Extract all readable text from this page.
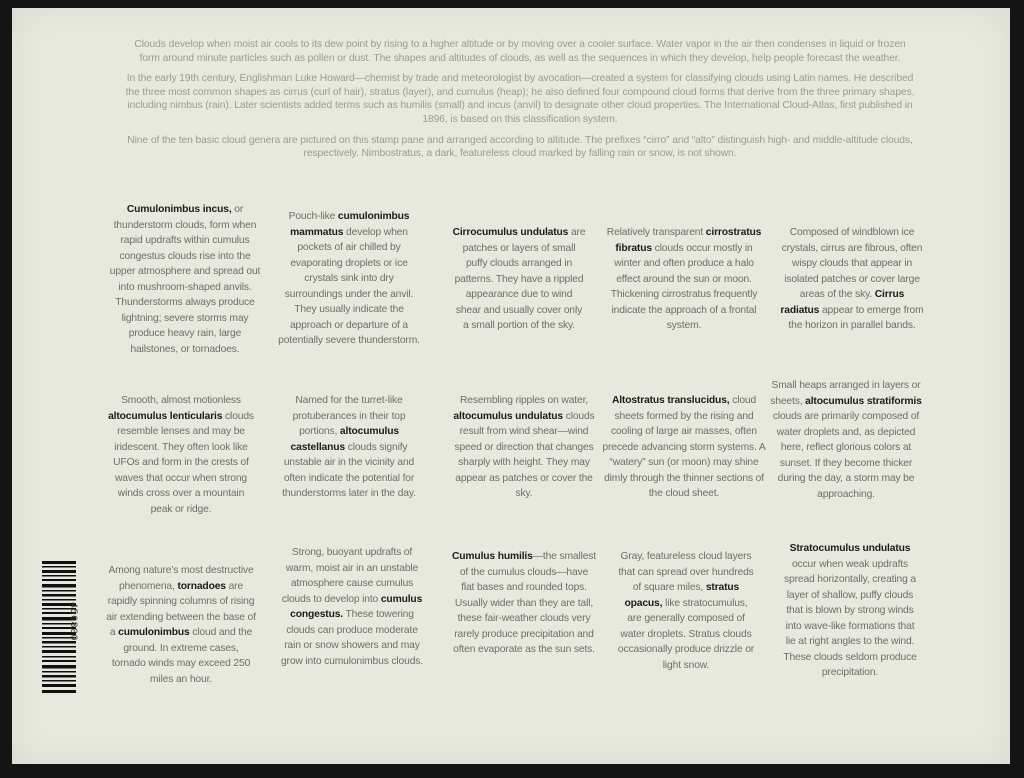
Clouds develop when moist air cools to its dew point by rising to a higher altitude or by moving over a cooler surface. Water vapor in the air then condenses in liquid or frozen form around minute particles such as pollen or dust. The shapes and altitudes of clouds, as well as the sequences in which they develop, help people forecast the weather.

In the early 19th century, Englishman Luke Howard—chemist by trade and meteorologist by avocation—created a system for classifying clouds using Latin names. He described the three most common shapes as cirrus (curl of hair), stratus (layer), and cumulus (heap); he also defined four compound cloud forms that derive from the three primary shapes, including nimbus (rain). Later scientists added terms such as humilis (small) and incus (anvil) to designate other cloud properties. The International Cloud-Atlas, first published in 1896, is based on this classification system.

Nine of the ten basic cloud genera are pictured on this stamp pane and arranged according to altitude. The prefixes “cirro” and “alto” distinguish high- and middle-altitude clouds, respectively. Nimbostratus, a dark, featureless cloud marked by falling rain or snow, is not shown.

Cumulonimbus incus, or thunderstorm clouds, form when rapid updrafts within cumulus congestus clouds rise into the upper atmosphere and spread out into mushroom-shaped anvils. Thunderstorms always produce lightning; severe storms may produce heavy rain, large hailstones, or tornadoes.
Pouch-like cumulonimbus mammatus develop when pockets of air chilled by evaporating droplets or ice crystals sink into dry surroundings under the anvil. They usually indicate the approach or departure of a potentially severe thunderstorm.
Cirrocumulus undulatus are patches or layers of small puffy clouds arranged in patterns. They have a rippled appearance due to wind shear and usually cover only a small portion of the sky.
Relatively transparent cirrostratus fibratus clouds occur mostly in winter and often produce a halo effect around the sun or moon. Thickening cirrostratus frequently indicate the approach of a frontal system.
Composed of windblown ice crystals, cirrus are fibrous, often wispy clouds that appear in isolated patches or cover large areas of the sky. Cirrus radiatus appear to emerge from the horizon in parallel bands.
Smooth, almost motionless altocumulus lenticularis clouds resemble lenses and may be iridescent. They often look like UFOs and form in the crests of waves that occur when strong winds cross over a mountain peak or ridge.
Named for the turret-like protuberances in their top portions, altocumulus castellanus clouds signify unstable air in the vicinity and often indicate the potential for thunderstorms later in the day.
Resembling ripples on water, altocumulus undulatus clouds result from wind shear—wind speed or direction that changes sharply with height. They may appear as patches or cover the sky.
Altostratus translucidus, cloud sheets formed by the rising and cooling of large air masses, often precede advancing storm systems. A “watery” sun (or moon) may shine dimly through the thinner sections of the cloud sheet.
Small heaps arranged in layers or sheets, altocumulus stratiformis clouds are primarily composed of water droplets and, as depicted here, reflect glorious colors at sunset. If they become thicker during the day, a storm may be approaching.
Among nature’s most destructive phenomena, tornadoes are rapidly spinning columns of rising air extending between the base of a cumulonimbus cloud and the ground. In extreme cases, tornado winds may exceed 250 miles an hour.
Strong, buoyant updrafts of warm, moist air in an unstable atmosphere cause cumulus clouds to develop into cumulus congestus. These towering clouds can produce moderate rain or snow showers and may grow into cumulonimbus clouds.
Cumulus humilis—the smallest of the cumulus clouds—have flat bases and rounded tops. Usually wider than they are tall, these fair-weather clouds very rarely produce precipitation and often evaporate as the sun sets.
Gray, featureless cloud layers that can spread over hundreds of square miles, stratus opacus, like stratocumulus, are generally composed of water droplets. Stratus clouds occasionally produce drizzle or light snow.
Stratocumulus undulatus occur when weak updrafts spread horizontally, creating a layer of shallow, puffy clouds that is blown by strong winds into wave-like formations that lie at right angles to the wind. These clouds seldom produce precipitation.
456800
